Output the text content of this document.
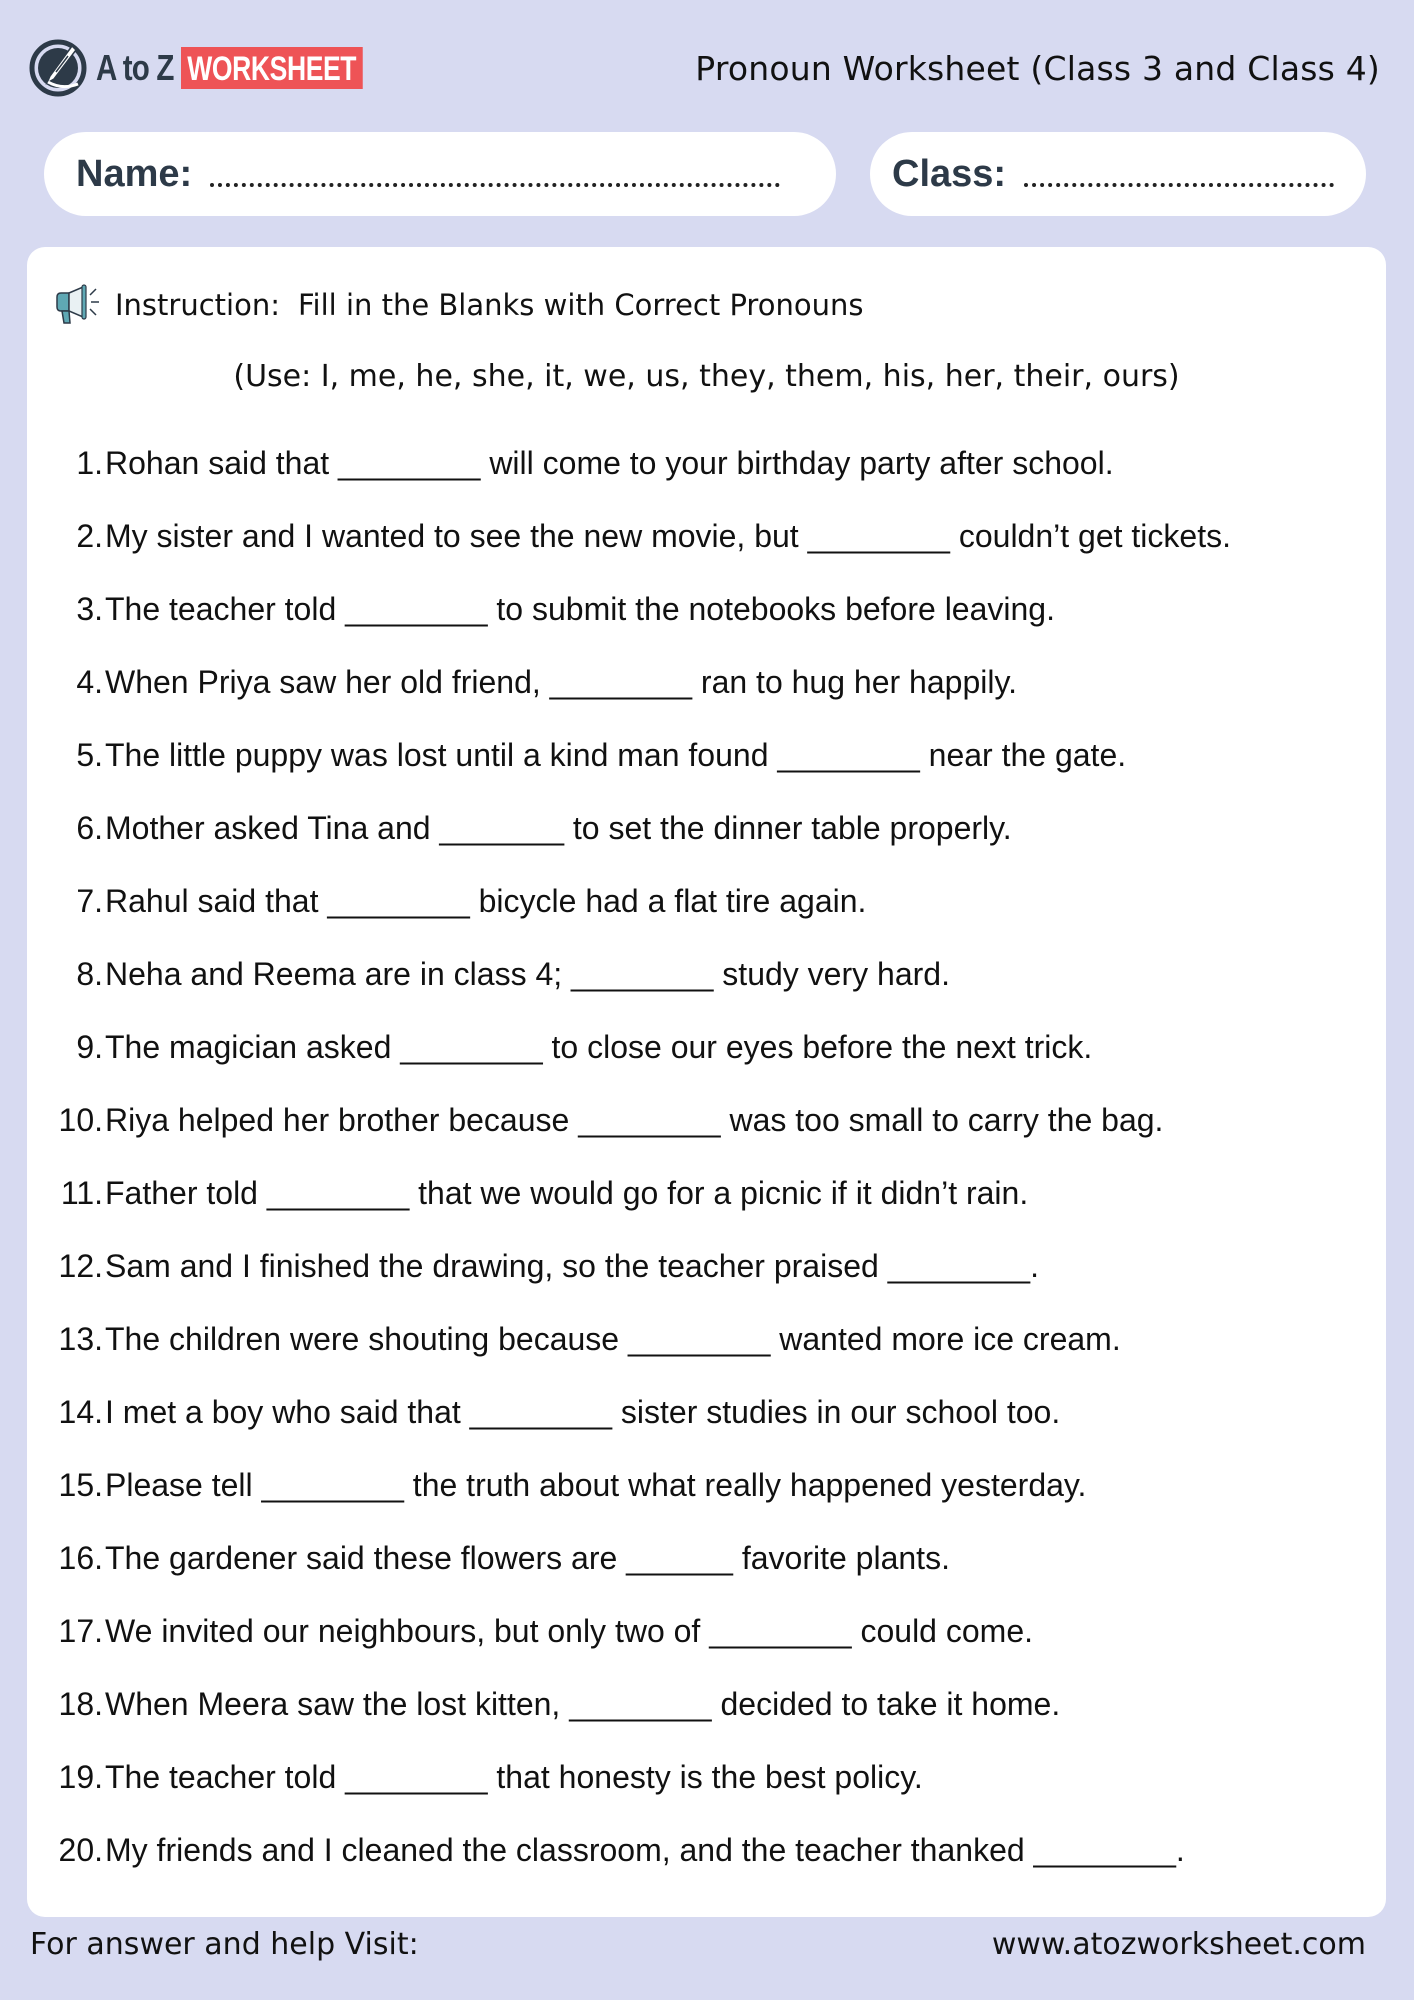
A to Z WORKSHEET	Pronoun Worksheet (Class 3 and Class 4)
Name:	Class:
Instruction: Fill in the Blanks with Correct Pronouns
(Use: I, me, he, she, it, we, us, they, them, his, her, their, ours)
1. Rohan said that ________ will come to your birthday party after school.
2. My sister and I wanted to see the new movie, but ________ couldn’t get tickets.
3. The teacher told ________ to submit the notebooks before leaving.
4. When Priya saw her old friend, ________ ran to hug her happily.
5. The little puppy was lost until a kind man found ________ near the gate.
6. Mother asked Tina and _______ to set the dinner table properly.
7. Rahul said that ________ bicycle had a flat tire again.
8. Neha and Reema are in class 4; ________ study very hard.
9. The magician asked ________ to close our eyes before the next trick.
10. Riya helped her brother because ________ was too small to carry the bag.
11. Father told ________ that we would go for a picnic if it didn’t rain.
12. Sam and I finished the drawing, so the teacher praised ________.
13. The children were shouting because ________ wanted more ice cream.
14. I met a boy who said that ________ sister studies in our school too.
15. Please tell ________ the truth about what really happened yesterday.
16. The gardener said these flowers are ______ favorite plants.
17. We invited our neighbours, but only two of ________ could come.
18. When Meera saw the lost kitten, ________ decided to take it home.
19. The teacher told ________ that honesty is the best policy.
20. My friends and I cleaned the classroom, and the teacher thanked ________.
For answer and help Visit:	www.atozworksheet.com
